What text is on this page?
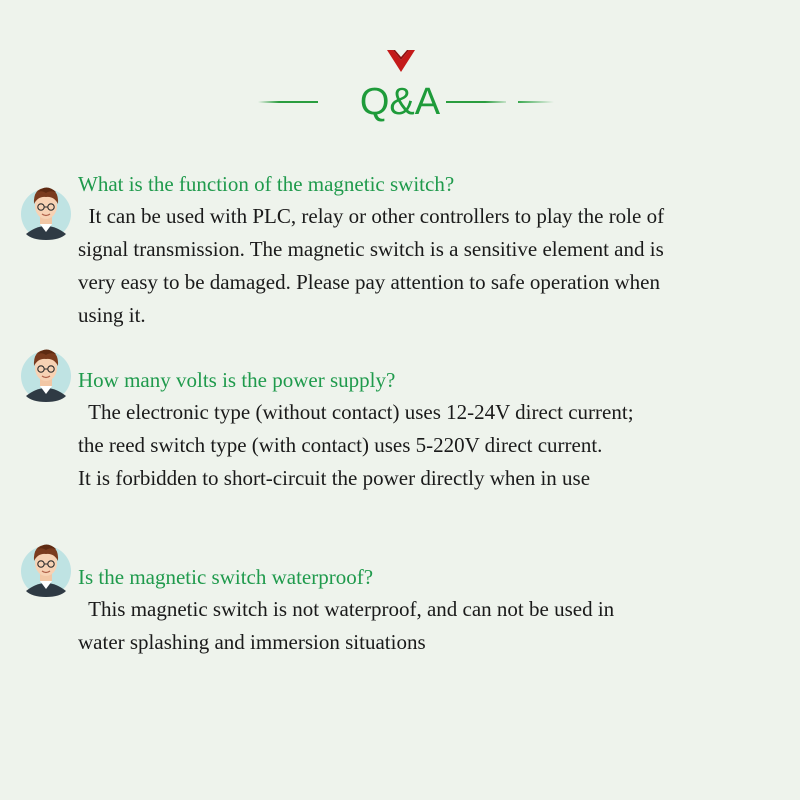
Q&A
What is the function of the magnetic switch?
It can be used with PLC, relay or other controllers to play the role of
signal transmission. The magnetic switch is a sensitive element and is
very easy to be damaged. Please pay attention to safe operation when
using it.
How many volts is the power supply?
The electronic type (without contact) uses 12-24V direct current;
the reed switch type (with contact) uses 5-220V direct current.
It is forbidden to short-circuit the power directly when in use
Is the magnetic switch waterproof?
This magnetic switch is not waterproof, and can not be used in
water splashing and immersion situations
